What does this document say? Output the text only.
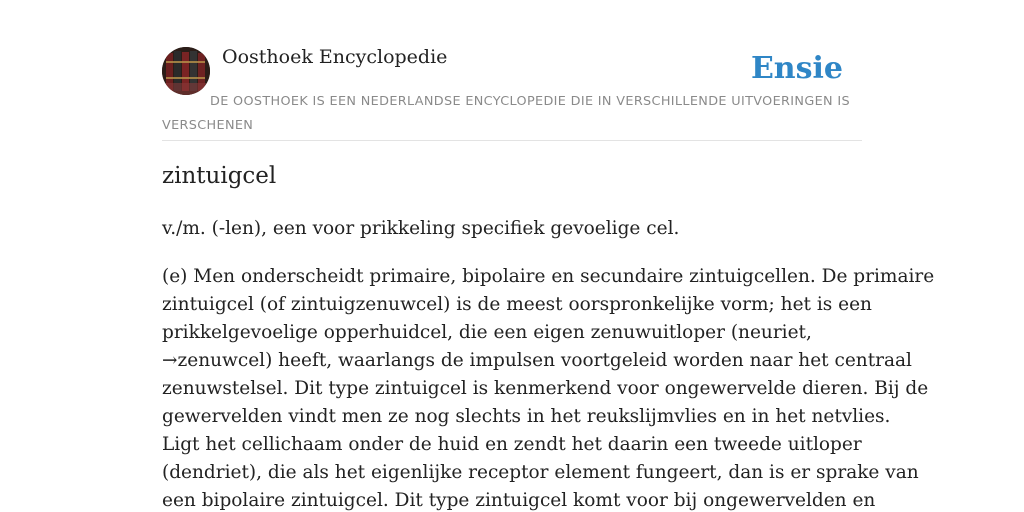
Oosthoek Encyclopedie	Ensie
DE OOSTHOEK IS EEN NEDERLANDSE ENCYCLOPEDIE DIE IN VERSCHILLENDE UITVOERINGEN IS VERSCHENEN
zintuigcel

v./m. (-len), een voor prikkeling specifiek gevoelige cel.

(e) Men onderscheidt primaire, bipolaire en secundaire zintuigcellen. De primaire
zintuigcel (of zintuigzenuwcel) is de meest oorspronkelijke vorm; het is een
prikkelgevoelige opperhuidcel, die een eigen zenuwuitloper (neuriet,
→zenuwcel) heeft, waarlangs de impulsen voortgeleid worden naar het centraal
zenuwstelsel. Dit type zintuigcel is kenmerkend voor ongewervelde dieren. Bij de
gewervelden vindt men ze nog slechts in het reukslijmvlies en in het netvlies.
Ligt het cellichaam onder de huid en zendt het daarin een tweede uitloper
(dendriet), die als het eigenlijke receptor element fungeert, dan is er sprake van
een bipolaire zintuigcel. Dit type zintuigcel komt voor bij ongewervelden en
